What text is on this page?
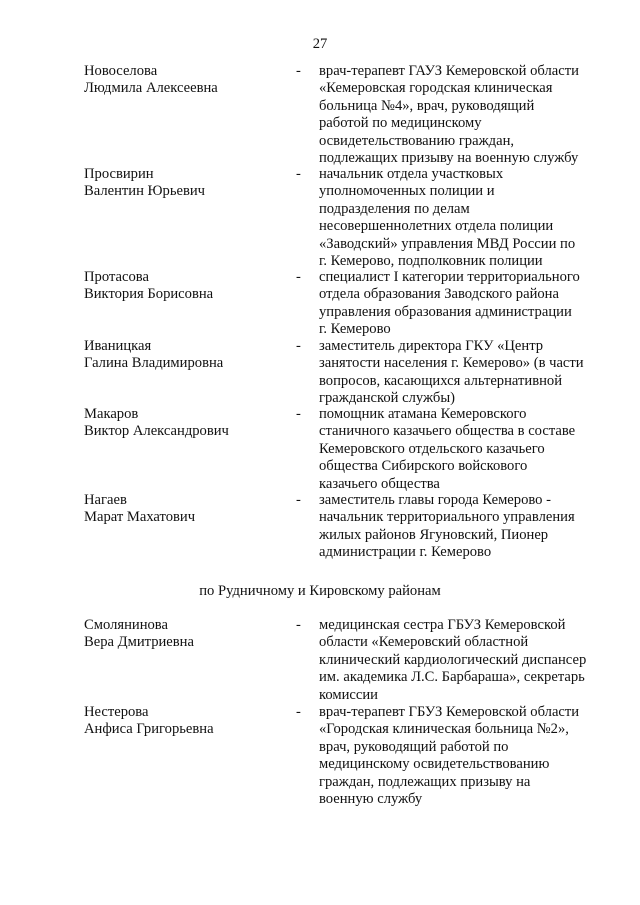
27
Новоселова
Людмила Алексеевна
- врач-терапевт ГАУЗ Кемеровской области
«Кемеровская городская клиническая
больница №4», врач, руководящий
работой по медицинскому
освидетельствованию граждан,
подлежащих призыву на военную службу
Просвирин
Валентин Юрьевич
- начальник отдела участковых
уполномоченных полиции и
подразделения по делам
несовершеннолетних отдела полиции
«Заводский» управления МВД России по
г. Кемерово, подполковник полиции
Протасова
Виктория Борисовна
- специалист I категории территориального
отдела образования Заводского района
управления образования администрации
г. Кемерово
Иваницкая
Галина Владимировна
- заместитель директора ГКУ «Центр
занятости населения г. Кемерово» (в части
вопросов, касающихся альтернативной
гражданской службы)
Макаров
Виктор Александрович
- помощник атамана Кемеровского
станичного казачьего общества в составе
Кемеровского отдельского казачьего
общества Сибирского войскового
казачьего общества
Нагаев
Марат Махатович
- заместитель главы города Кемерово -
начальник территориального управления
жилых районов Ягуновский, Пионер
администрации г. Кемерово
по Рудничному и Кировскому районам
Смолянинова
Вера Дмитриевна
- медицинская сестра ГБУЗ Кемеровской
области «Кемеровский областной
клинический кардиологический диспансер
им. академика Л.С. Барбараша», секретарь
комиссии
Нестерова
Анфиса Григорьевна
- врач-терапевт ГБУЗ Кемеровской области
«Городская клиническая больница №2»,
врач, руководящий работой по
медицинскому освидетельствованию
граждан, подлежащих призыву на
военную службу
